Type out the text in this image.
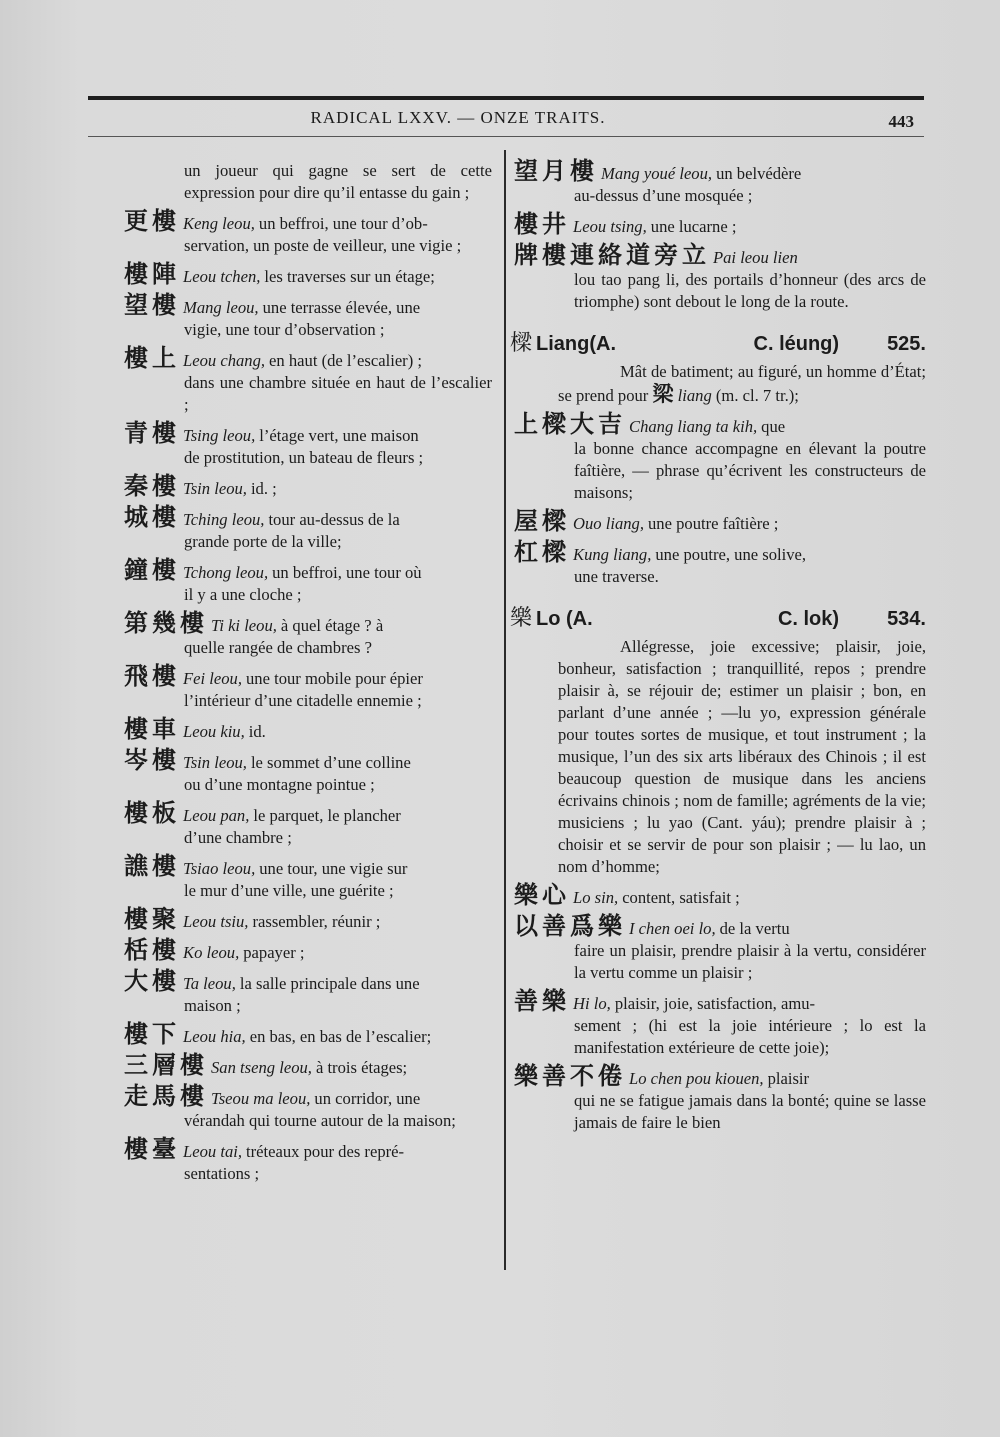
RADICAL LXXV. — ONZE TRAITS.	443
un joueur qui gagne se sert de cette expression pour dire qu’il entasse du gain ;
更樓 Keng leou, un beffroi, une tour d’ob-
servation, un poste de veilleur, une vigie ;
樓陣 Leou tchen, les traverses sur un étage;
望樓 Mang leou, une terrasse élevée, une
vigie, une tour d’observation ;
樓上 Leou chang, en haut (de l’escalier) ;
dans une chambre située en haut de l’escalier ;
青樓 Tsing leou, l’étage vert, une maison
de prostitution, un bateau de fleurs ;
秦樓 Tsin leou, id. ;
城樓 Tching leou, tour au-dessus de la
grande porte de la ville;
鐘樓 Tchong leou, un beffroi, une tour où
il y a une cloche ;
第幾樓 Ti ki leou, à quel étage ? à
quelle rangée de chambres ?
飛樓 Fei leou, une tour mobile pour épier
l’intérieur d’une citadelle ennemie ;
樓車 Leou kiu, id.
岑樓 Tsin leou, le sommet d’une colline
ou d’une montagne pointue ;
樓板 Leou pan, le parquet, le plancher
d’une chambre ;
譙樓 Tsiao leou, une tour, une vigie sur
le mur d’une ville, une guérite ;
樓聚 Leou tsiu, rassembler, réunir ;
栝樓 Ko leou, papayer ;
大樓 Ta leou, la salle principale dans une
maison ;
樓下 Leou hia, en bas, en bas de l’escalier;
三層樓 San tseng leou, à trois étages;
走馬樓 Tseou ma leou, un corridor, une
vérandah qui tourne autour de la maison;
樓臺 Leou tai, tréteaux pour des repré-
sentations ;
望月樓 Mang youé leou, un belvédère
au-dessus d’une mosquée ;
樓井 Leou tsing, une lucarne ;
牌樓連絡道旁立 Pai leou lien
lou tao pang li, des portails d’honneur (des arcs de triomphe) sont debout le long de la route.
樑 Liang(A.	C. léung) 525.
Mât de batiment; au figuré, un homme d’État; se prend pour 梁 liang (m. cl. 7 tr.);
上樑大吉 Chang liang ta kih, que
la bonne chance accompagne en élevant la poutre faîtière, — phrase qu’écrivent les constructeurs de maisons;
屋樑 Ouo liang, une poutre faîtière ;
杠樑 Kung liang, une poutre, une solive,
une traverse.
樂 Lo (A.	C. lok) 534.
Allégresse, joie excessive; plaisir, joie, bonheur, satisfaction ; tranquillité, repos ; prendre plaisir à, se réjouir de; estimer un plaisir ; bon, en parlant d’une année ; —lu yo, expression générale pour toutes sortes de musique, et tout instrument ; la musique, l’un des six arts libéraux des Chinois ; il est beaucoup question de musique dans les anciens écrivains chinois ; nom de famille; agréments de la vie; musiciens ; lu yao (Cant. yáu); prendre plaisir à ; choisir et se servir de pour son plaisir ; — lu lao, un nom d’homme;
樂心 Lo sin, content, satisfait ;
以善爲樂 I chen oei lo, de la vertu
faire un plaisir, prendre plaisir à la vertu, considérer la vertu comme un plaisir ;
善樂 Hi lo, plaisir, joie, satisfaction, amu-
sement ; (hi est la joie intérieure ; lo est la manifestation extérieure de cette joie);
樂善不倦 Lo chen pou kiouen, plaisir
qui ne se fatigue jamais dans la bonté; quine se lasse jamais de faire le bien
